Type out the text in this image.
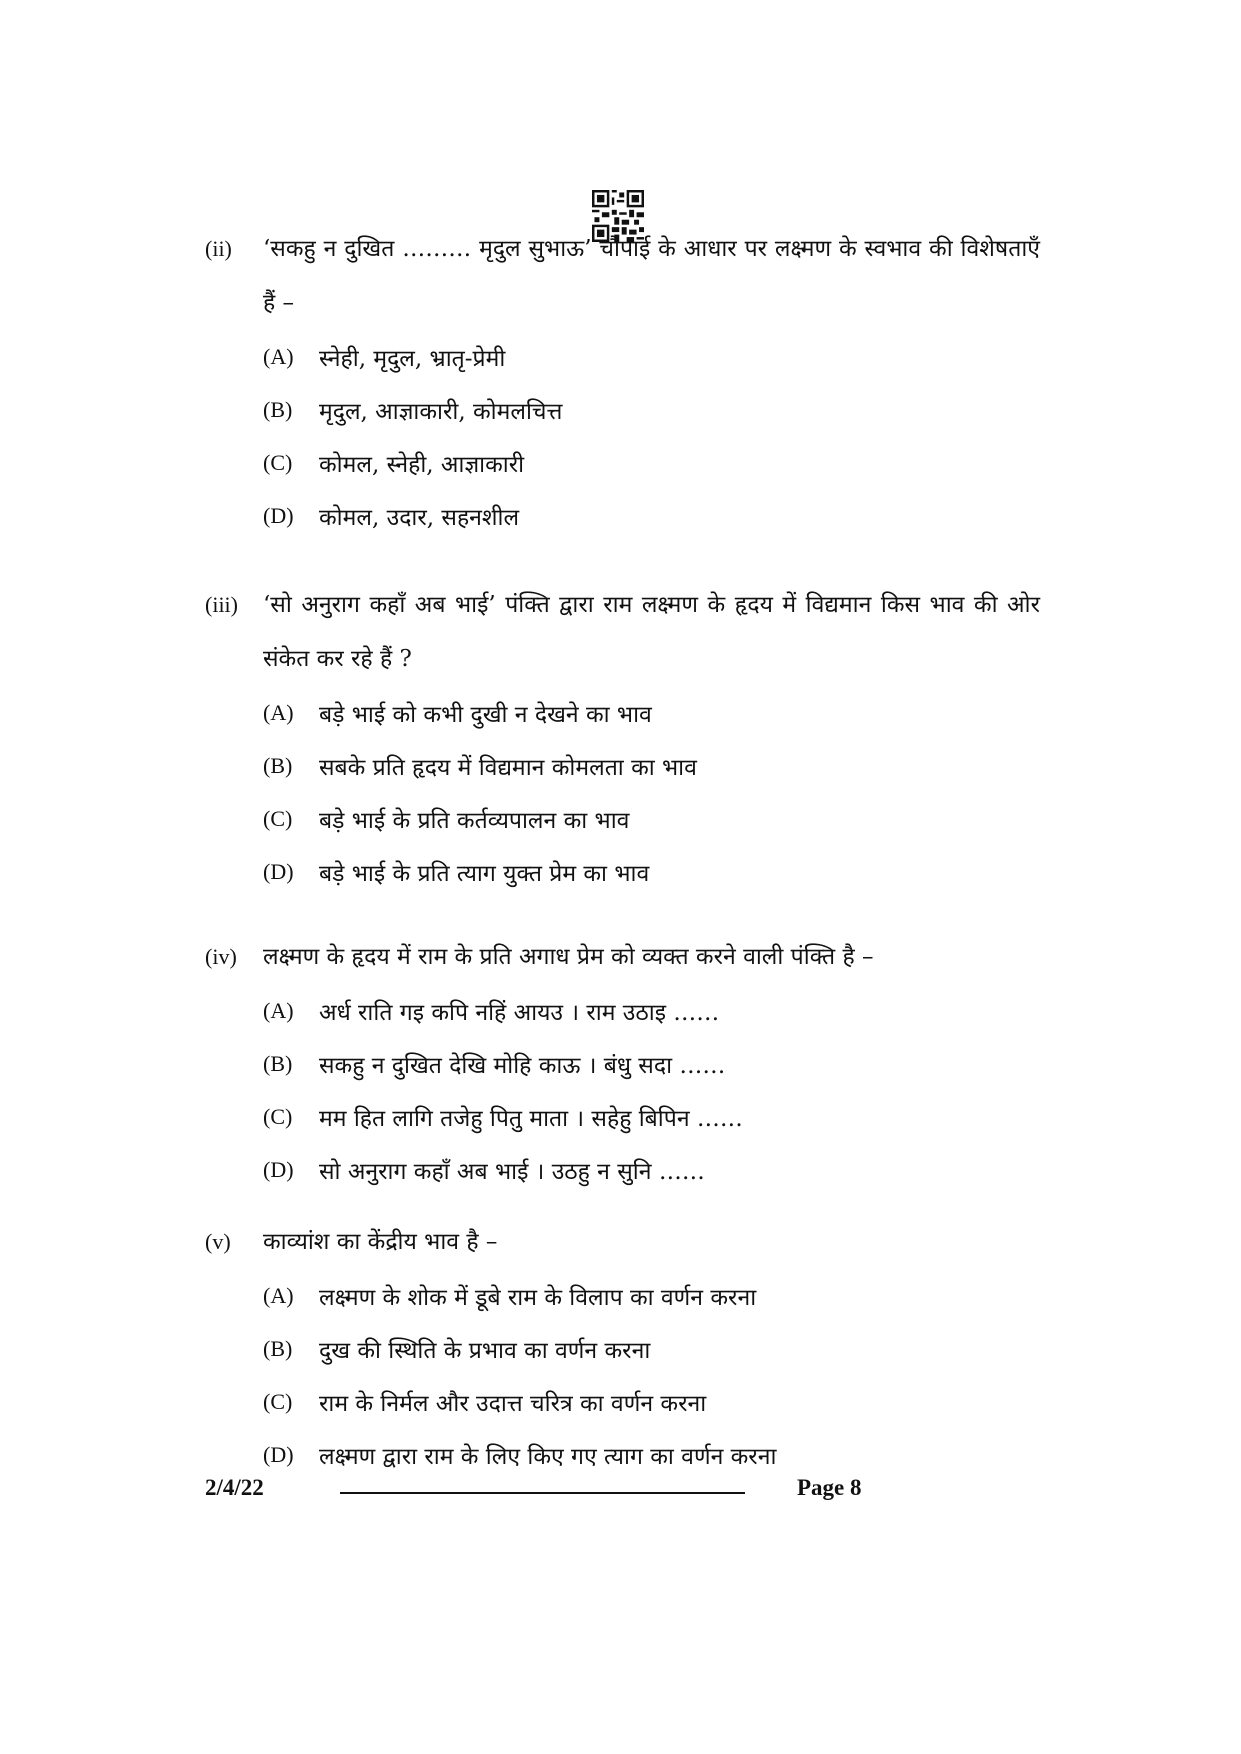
(ii)	‘सकहु न दुखित ……… मृदुल सुभाऊ’ चौपाई के आधार पर लक्ष्मण के स्वभाव की विशेषताएँ हैं –
(A)	स्नेही, मृदुल, भ्रातृ-प्रेमी
(B)	मृदुल, आज्ञाकारी, कोमलचित्त
(C)	कोमल, स्नेही, आज्ञाकारी
(D)	कोमल, उदार, सहनशील
(iii)	‘सो अनुराग कहाँ अब भाई’ पंक्ति द्वारा राम लक्ष्मण के हृदय में विद्यमान किस भाव की ओर संकेत कर रहे हैं ?
(A)	बड़े भाई को कभी दुखी न देखने का भाव
(B)	सबके प्रति हृदय में विद्यमान कोमलता का भाव
(C)	बड़े भाई के प्रति कर्तव्यपालन का भाव
(D)	बड़े भाई के प्रति त्याग युक्त प्रेम का भाव
(iv)	लक्ष्मण के हृदय में राम के प्रति अगाध प्रेम को व्यक्त करने वाली पंक्ति है –
(A)	अर्ध राति गइ कपि नहिं आयउ । राम उठाइ ……
(B)	सकहु न दुखित देखि मोहि काऊ । बंधु सदा ……
(C)	मम हित लागि तजेहु पितु माता । सहेहु बिपिन ……
(D)	सो अनुराग कहाँ अब भाई । उठहु न सुनि ……
(v)	काव्यांश का केंद्रीय भाव है –
(A)	लक्ष्मण के शोक में डूबे राम के विलाप का वर्णन करना
(B)	दुख की स्थिति के प्रभाव का वर्णन करना
(C)	राम के निर्मल और उदात्त चरित्र का वर्णन करना
(D)	लक्ष्मण द्वारा राम के लिए किए गए त्याग का वर्णन करना
2/4/22	Page 8
